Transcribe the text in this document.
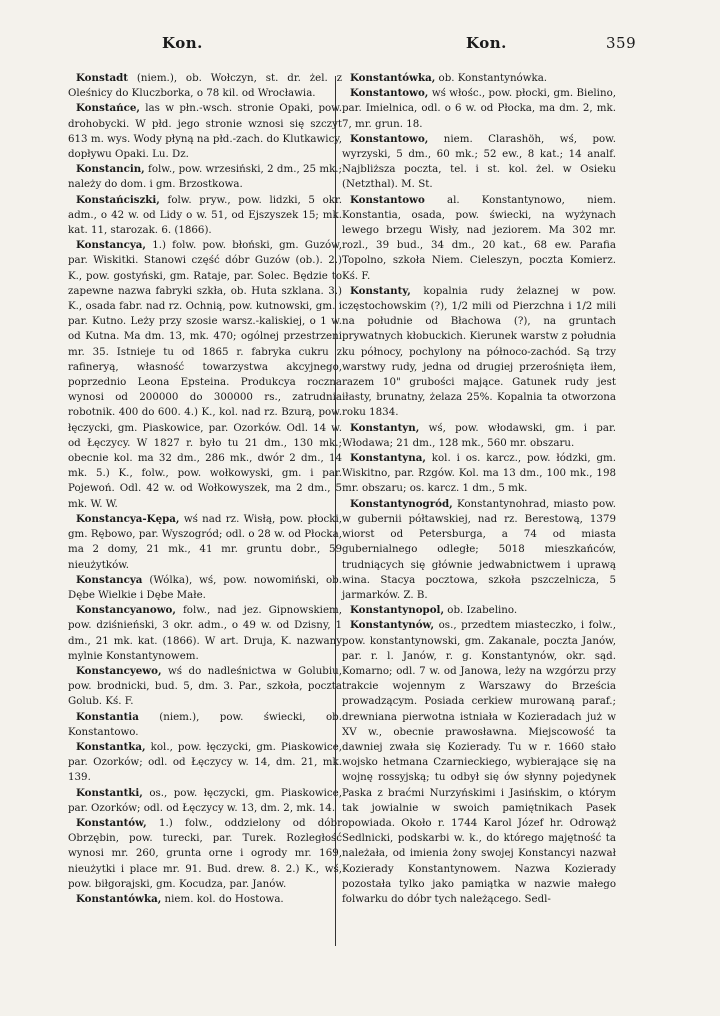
Kon.	Kon.	359

Konstadt (niem.), ob. Wołczyn, st. dr. żel. z Oleśnicy do Kluczborka, o 78 kil. od Wrocławia.

Konstańce, las w płn.-wsch. stronie Opaki, pow. drohobycki. W płd. jego stronie wznosi się szczyt 613 m. wys. Wody płyną na płd.-zach. do Klutkawicy, dopływu Opaki. Lu. Dz.

Konstancin, folw., pow. wrzesiński, 2 dm., 25 mk.; należy do dom. i gm. Brzostkowa.

Konstańciszki, folw. pryw., pow. lidzki, 5 okr. adm., o 42 w. od Lidy o w. 51, od Ejszyszek 15; mk. kat. 11, starozak. 6. (1866).

Konstancya, 1.) folw. pow. błoński, gm. Guzów, par. Wiskitki. Stanowi część dóbr Guzów (ob.). 2.) K., pow. gostyński, gm. Rataje, par. Solec. Będzie to zapewne nazwa fabryki szkła, ob. Huta szklana. 3.) K., osada fabr. nad rz. Ochnią, pow. kutnowski, gm. i par. Kutno. Leży przy szosie warsz.-kaliskiej, o 1 w. od Kutna. Ma dm. 13, mk. 470; ogólnej przestrzeni mr. 35. Istnieje tu od 1865 r. fabryka cukru z rafineryą, własność towarzystwa akcyjnego, poprzednio Leona Epsteina. Produkcya roczna wynosi od 200000 do 300000 rs., zatrudnia robotnik. 400 do 600. 4.) K., kol. nad rz. Bzurą, pow. łęczycki, gm. Piaskowice, par. Ozorków. Odl. 14 w. od Łęczycy. W 1827 r. było tu 21 dm., 130 mk.; obecnie kol. ma 32 dm., 286 mk., dwór 2 dm., 14 mk. 5.) K., folw., pow. wołkowyski, gm. i par. Pojewoń. Odl. 42 w. od Wołkowyszek, ma 2 dm., 5 mk. W. W.

Konstancya-Kępa, wś nad rz. Wisłą, pow. płocki, gm. Rębowo, par. Wyszogród; odl. o 28 w. od Płocka, ma 2 domy, 21 mk., 41 mr. gruntu dobr., 59 nieużytków.

Konstancya (Wólka), wś, pow. nowomiński, ob. Dębe Wielkie i Dębe Małe.

Konstancyanowo, folw., nad jez. Gipnowskiem, pow. dziśnieński, 3 okr. adm., o 49 w. od Dzisny, 1 dm., 21 mk. kat. (1866). W art. Druja, K. nazwany mylnie Konstantynowem.

Konstancyewo, wś do nadleśnictwa w Golubiu, pow. brodnicki, bud. 5, dm. 3. Par., szkoła, poczta Golub. Kś. F.

Konstantia (niem.), pow. świecki, ob. Konstantowo.

Konstantka, kol., pow. łęczycki, gm. Piaskowice, par. Ozorków; odl. od Łęczycy w. 14, dm. 21, mk. 139.

Konstantki, os., pow. łęczycki, gm. Piaskowice, par. Ozorków; odl. od Łęczycy w. 13, dm. 2, mk. 14.

Konstantów, 1.) folw., oddzielony od dóbr Obrzębin, pow. turecki, par. Turek. Rozległość wynosi mr. 260, grunta orne i ogrody mr. 169, nieużytki i place mr. 91. Bud. drew. 8. 2.) K., wś, pow. biłgorajski, gm. Kocudza, par. Janów.

Konstantówka, niem. kol. do Hostowa.

Konstantówka, ob. Konstantynówka.

Konstantowo, wś włośc., pow. płocki, gm. Bielino, par. Imielnica, odl. o 6 w. od Płocka, ma dm. 2, mk. 7, mr. grun. 18.

Konstantowo, niem. Clarashöh, wś, pow. wyrzyski, 5 dm., 60 mk.; 52 ew., 8 kat.; 14 analf. Najbliższa poczta, tel. i st. kol. żel. w Osieku (Netzthal). M. St.

Konstantowo al. Konstantynowo, niem. Konstantia, osada, pow. świecki, na wyżynach lewego brzegu Wisły, nad jeziorem. Ma 302 mr. rozl., 39 bud., 34 dm., 20 kat., 68 ew. Parafia Topolno, szkoła Niem. Cieleszyn, poczta Komierz. Kś. F.

Konstanty, kopalnia rudy żelaznej w pow. częstochowskim (?), 1/2 mili od Pierzchna i 1/2 mili na południe od Błachowa (?), na gruntach prywatnych kłobuckich. Kierunek warstw z południa ku północy, pochylony na północo-zachód. Są trzy warstwy rudy, jedna od drugiej przerośnięta iłem, razem 10" grubości mające. Gatunek rudy jest iłasty, brunatny, żelaza 25%. Kopalnia ta otworzona roku 1834.

Konstantyn, wś, pow. włodawski, gm. i par. Włodawa; 21 dm., 128 mk., 560 mr. obszaru.

Konstantyna, kol. i os. karcz., pow. łódzki, gm. Wiskitno, par. Rzgów. Kol. ma 13 dm., 100 mk., 198 mr. obszaru; os. karcz. 1 dm., 5 mk.

Konstantynogród, Konstantynohrad, miasto pow. w gubernii półtawskiej, nad rz. Berestową, 1379 wiorst od Petersburga, a 74 od miasta gubernialnego odległe; 5018 mieszkańców, trudniących się głównie jedwabnictwem i uprawą wina. Stacya pocztowa, szkoła pszczelnicza, 5 jarmarków. Z. B.

Konstantynopol, ob. Izabelino.

Konstantynów, os., przedtem miasteczko, i folw., pow. konstantynowski, gm. Zakanale, poczta Janów, par. r. l. Janów, r. g. Konstantynów, okr. sąd. Komarno; odl. 7 w. od Janowa, leży na wzgórzu przy trakcie wojennym z Warszawy do Brześcia prowadzącym. Posiada cerkiew murowaną paraf.; drewniana pierwotna istniała w Kozieradach już w XV w., obecnie prawosławna. Miejscowość ta dawniej zwała się Kozierady. Tu w r. 1660 stało wojsko hetmana Czarnieckiego, wybierające się na wojnę rossyjską; tu odbył się ów słynny pojedynek Paska z braćmi Nurzyńskimi i Jasińskim, o którym tak jowialnie w swoich pamiętnikach Pasek opowiada. Około r. 1744 Karol Józef hr. Odrowąż Sedlnicki, podskarbi w. k., do którego majętność ta należała, od imienia żony swojej Konstancyi nazwał Kozierady Konstantynowem. Nazwa Kozierady pozostała tylko jako pamiątka w nazwie małego folwarku do dóbr tych należącego. Sedl-
